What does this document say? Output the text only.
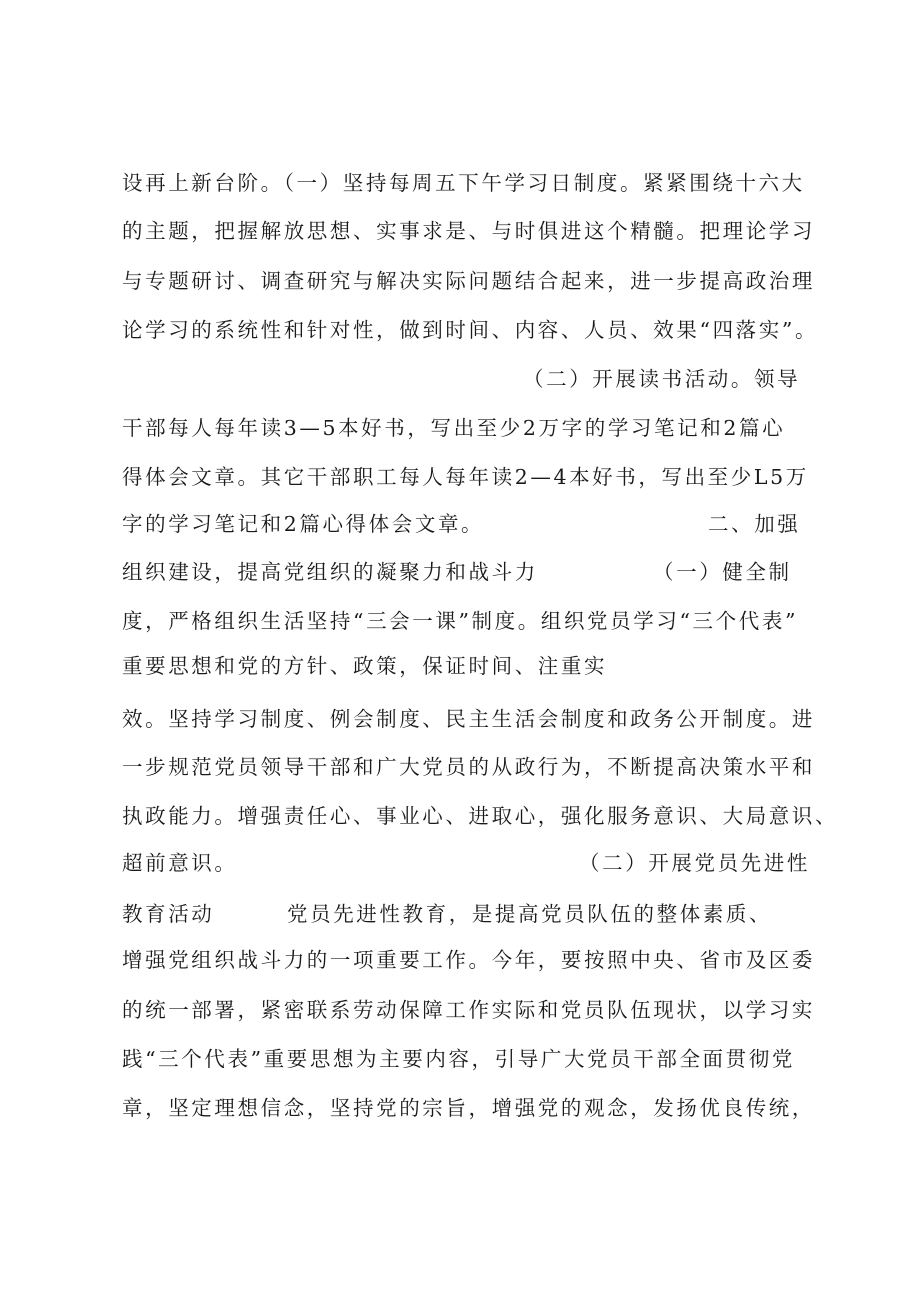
设再上新台阶。（一）坚持每周五下午学习日制度。紧紧围绕十六大
的主题，把握解放思想、实事求是、与时俱进这个精髓。把理论学习
与专题研讨、调查研究与解决实际问题结合起来，进一步提高政治理
论学习的系统性和针对性，做到时间、内容、人员、效果“四落实”。
（二）开展读书活动。领导
干部每人每年读3—5本好书，写出至少2万字的学习笔记和2篇心
得体会文章。其它干部职工每人每年读2—4本好书，写出至少L5万
字的学习笔记和2篇心得体会文章。	二、加强
组织建设，提高党组织的凝聚力和战斗力	（一）健全制
度，严格组织生活坚持“三会一课”制度。组织党员学习“三个代表”
重要思想和党的方针、政策，保证时间、注重实
效。坚持学习制度、例会制度、民主生活会制度和政务公开制度。进
一步规范党员领导干部和广大党员的从政行为，不断提高决策水平和
执政能力。增强责任心、事业心、进取心，强化服务意识、大局意识、
超前意识。	（二）开展党员先进性
教育活动	党员先进性教育，是提高党员队伍的整体素质、
增强党组织战斗力的一项重要工作。今年，要按照中央、省市及区委
的统一部署，紧密联系劳动保障工作实际和党员队伍现状，以学习实
践“三个代表”重要思想为主要内容，引导广大党员干部全面贯彻党
章，坚定理想信念，坚持党的宗旨，增强党的观念，发扬优良传统，
